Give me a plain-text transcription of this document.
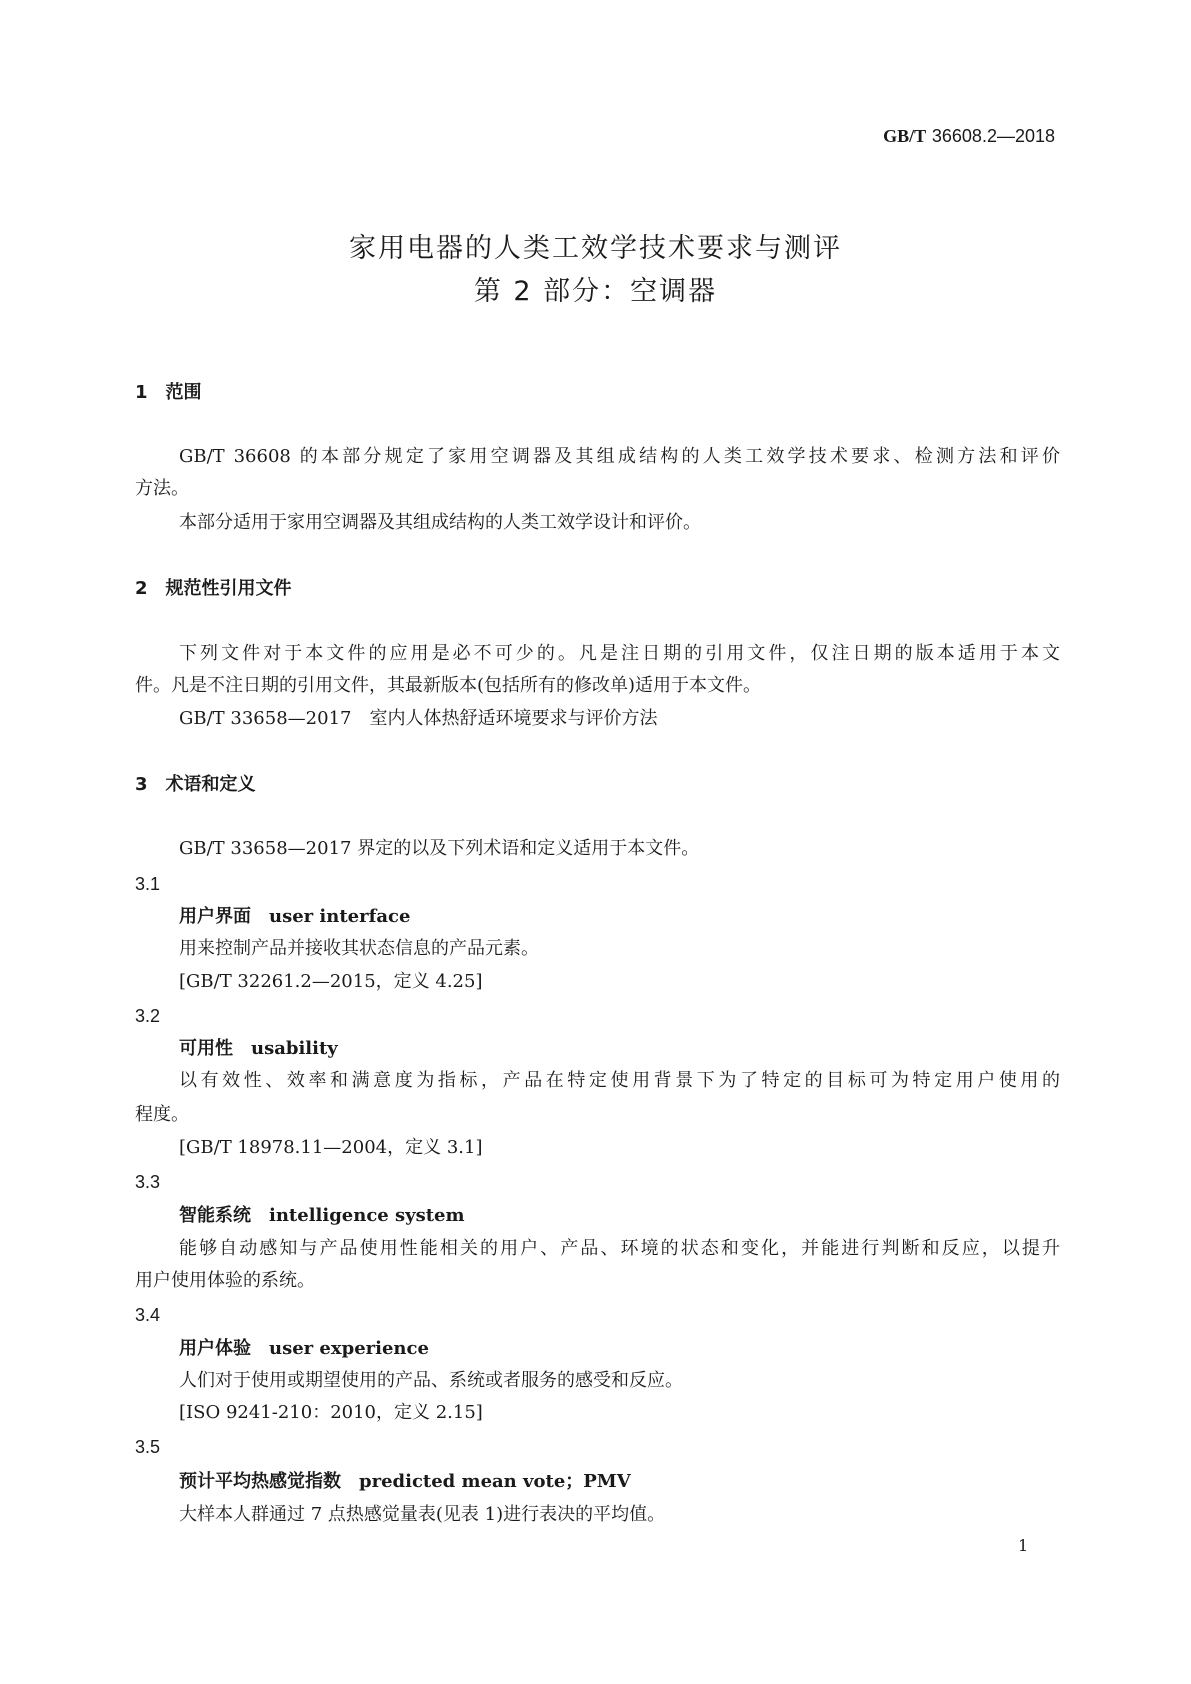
GB/T 36608.2—2018
家用电器的人类工效学技术要求与测评
第 2 部分：空调器
1　范围
GB/T 36608 的本部分规定了家用空调器及其组成结构的人类工效学技术要求、检测方法和评价
方法。
本部分适用于家用空调器及其组成结构的人类工效学设计和评价。
2　规范性引用文件
下列文件对于本文件的应用是必不可少的。凡是注日期的引用文件，仅注日期的版本适用于本文
件。凡是不注日期的引用文件，其最新版本(包括所有的修改单)适用于本文件。
GB/T 33658—2017　室内人体热舒适环境要求与评价方法
3　术语和定义
GB/T 33658—2017 界定的以及下列术语和定义适用于本文件。
3.1
用户界面　user interface
用来控制产品并接收其状态信息的产品元素。
[GB/T 32261.2—2015，定义 4.25]
3.2
可用性　usability
以有效性、效率和满意度为指标，产品在特定使用背景下为了特定的目标可为特定用户使用的
程度。
[GB/T 18978.11—2004，定义 3.1]
3.3
智能系统　intelligence system
能够自动感知与产品使用性能相关的用户、产品、环境的状态和变化，并能进行判断和反应，以提升
用户使用体验的系统。
3.4
用户体验　user experience
人们对于使用或期望使用的产品、系统或者服务的感受和反应。
[ISO 9241-210：2010，定义 2.15]
3.5
预计平均热感觉指数　predicted mean vote；PMV
大样本人群通过 7 点热感觉量表(见表 1)进行表决的平均值。
1
